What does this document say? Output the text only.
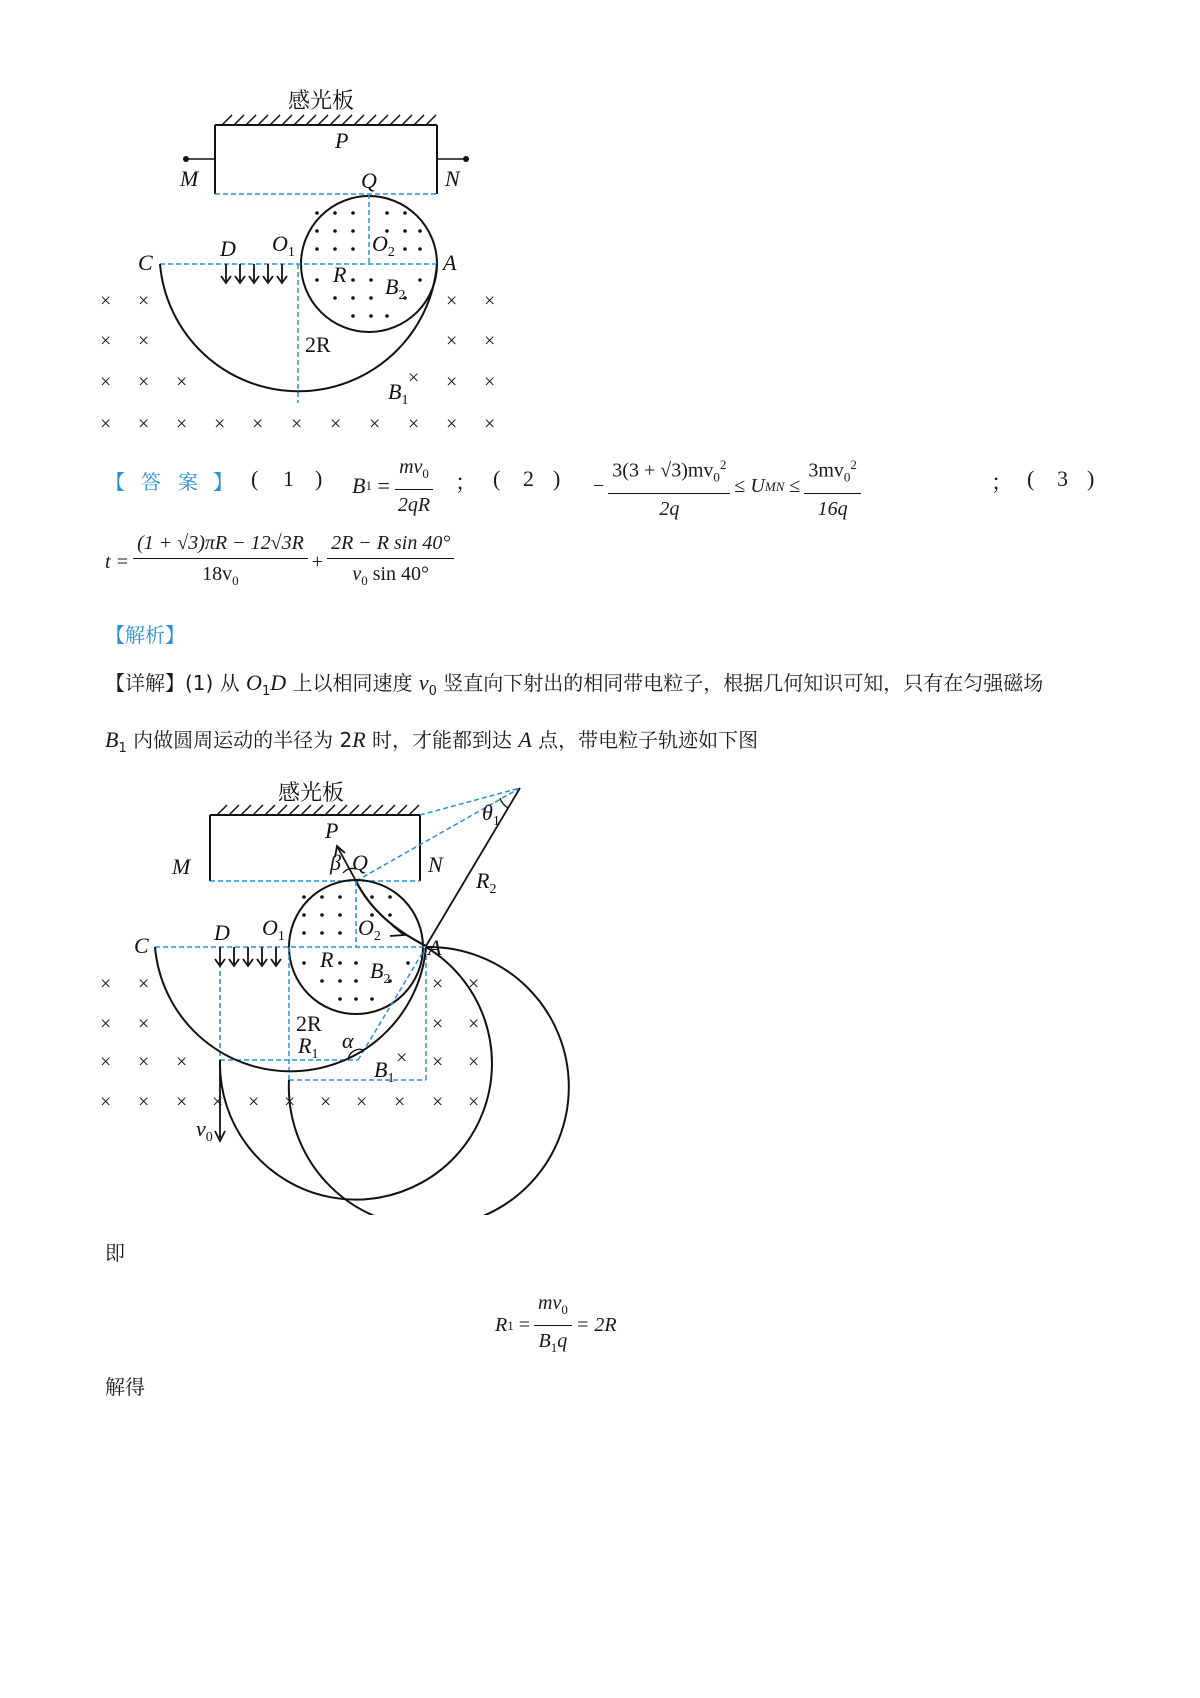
感光板
P
M	N
Q
C
D $O_1$	$O_2$ A
R $B_2$
2R
$B_1$
× ×	× ×
× ×	× ×
× × ×	× × ×
× × × × × × × × × × ×
【 答 案 】 ( 1 ) B $1 = \frac{mv_0}{2qR}$ ； ( 2 ) − $\frac{3(3 + √3)mv_0^2}{2q} \le U$ MN
≤ $\frac{3mv_0^2}{16q}$	； ( 3 )
$t = \frac{(1 + √3)\pi R - 12√3R}{18v_0} + \frac{\text{2R − R sin 40°}}{v_0 \sin 40^\circ}$
【解析】
【详解】(1) 从 $O_1D$ 上以相同速度 $v_0$ 竖直向下射出的相同带电粒子，根据几何知识可知，只有在匀强磁场
$B_1$ 内做圆周运动的半径为 2R 时，才能都到达 A 点，带电粒子轨迹如下图
感光板
M	N
P
Q
β
$\theta_1$
$R_2$
α
C
D $O_1$	$O_2$ A
R $B_2$
2R
$R_1$
$B_1$
$v_0$
× ×	× ×
× ×	× ×
× × ×	× × ×
× × × × × × × × × × ×
即
R $1 = \frac{mv_0}{B_1q} = 2R$
解得
